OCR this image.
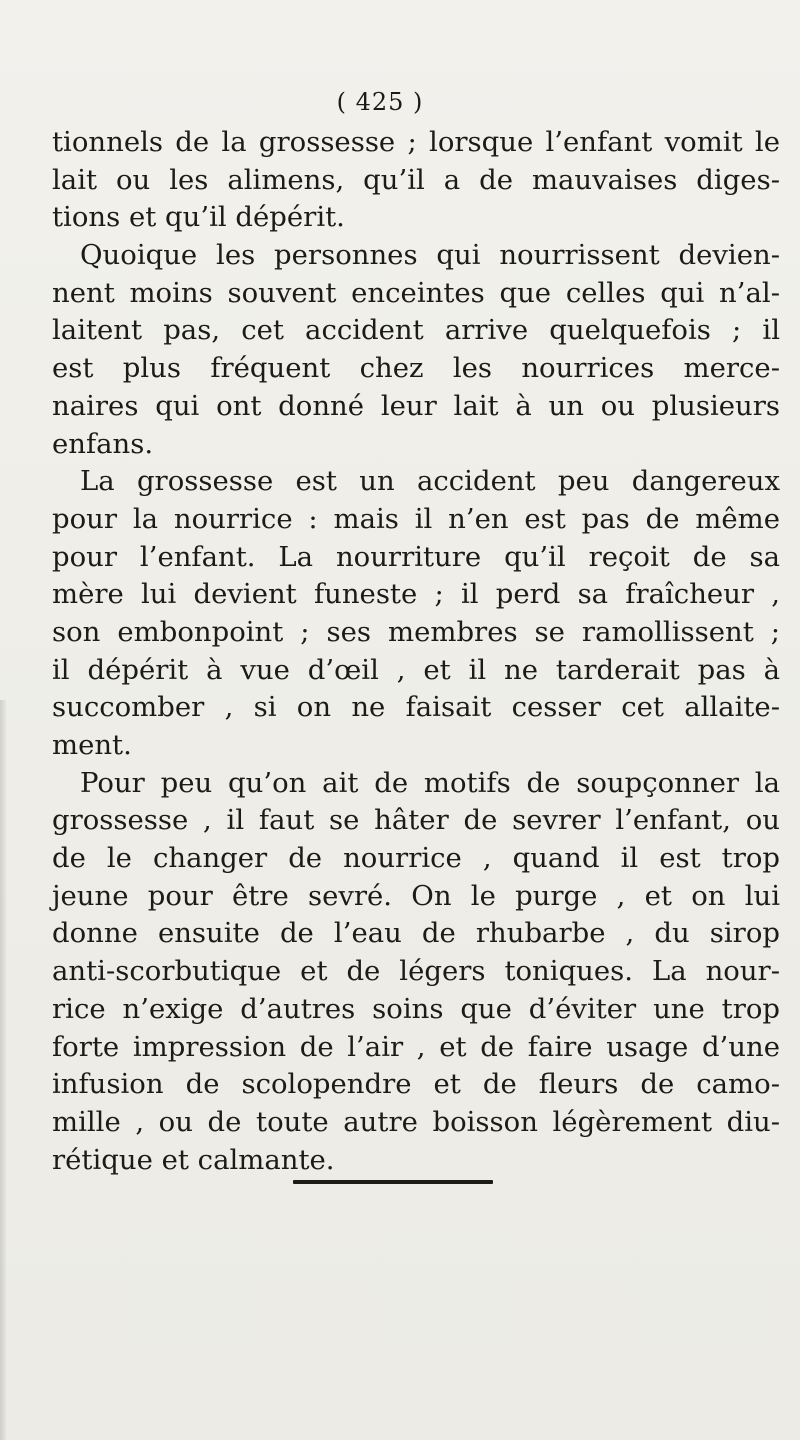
( 425 )
tionnels de la grossesse ; lorsque l’enfant vomit le
lait ou les alimens, qu’il a de mauvaises diges-
tions et qu’il dépérit.
Quoique les personnes qui nourrissent devien-
nent moins souvent enceintes que celles qui n’al-
laitent pas, cet accident arrive quelquefois ; il
est plus fréquent chez les nourrices merce-
naires qui ont donné leur lait à un ou plusieurs
enfans.
La grossesse est un accident peu dangereux
pour la nourrice : mais il n’en est pas de même
pour l’enfant. La nourriture qu’il reçoit de sa
mère lui devient funeste ; il perd sa fraîcheur ,
son embonpoint ; ses membres se ramollissent ;
il dépérit à vue d’œil , et il ne tarderait pas à
succomber , si on ne faisait cesser cet allaite-
ment.
Pour peu qu’on ait de motifs de soupçonner la
grossesse , il faut se hâter de sevrer l’enfant, ou
de le changer de nourrice , quand il est trop
jeune pour être sevré. On le purge , et on lui
donne ensuite de l’eau de rhubarbe , du sirop
anti-scorbutique et de légers toniques. La nour-
rice n’exige d’autres soins que d’éviter une trop
forte impression de l’air , et de faire usage d’une
infusion de scolopendre et de fleurs de camo-
mille , ou de toute autre boisson légèrement diu-
rétique et calmante.
